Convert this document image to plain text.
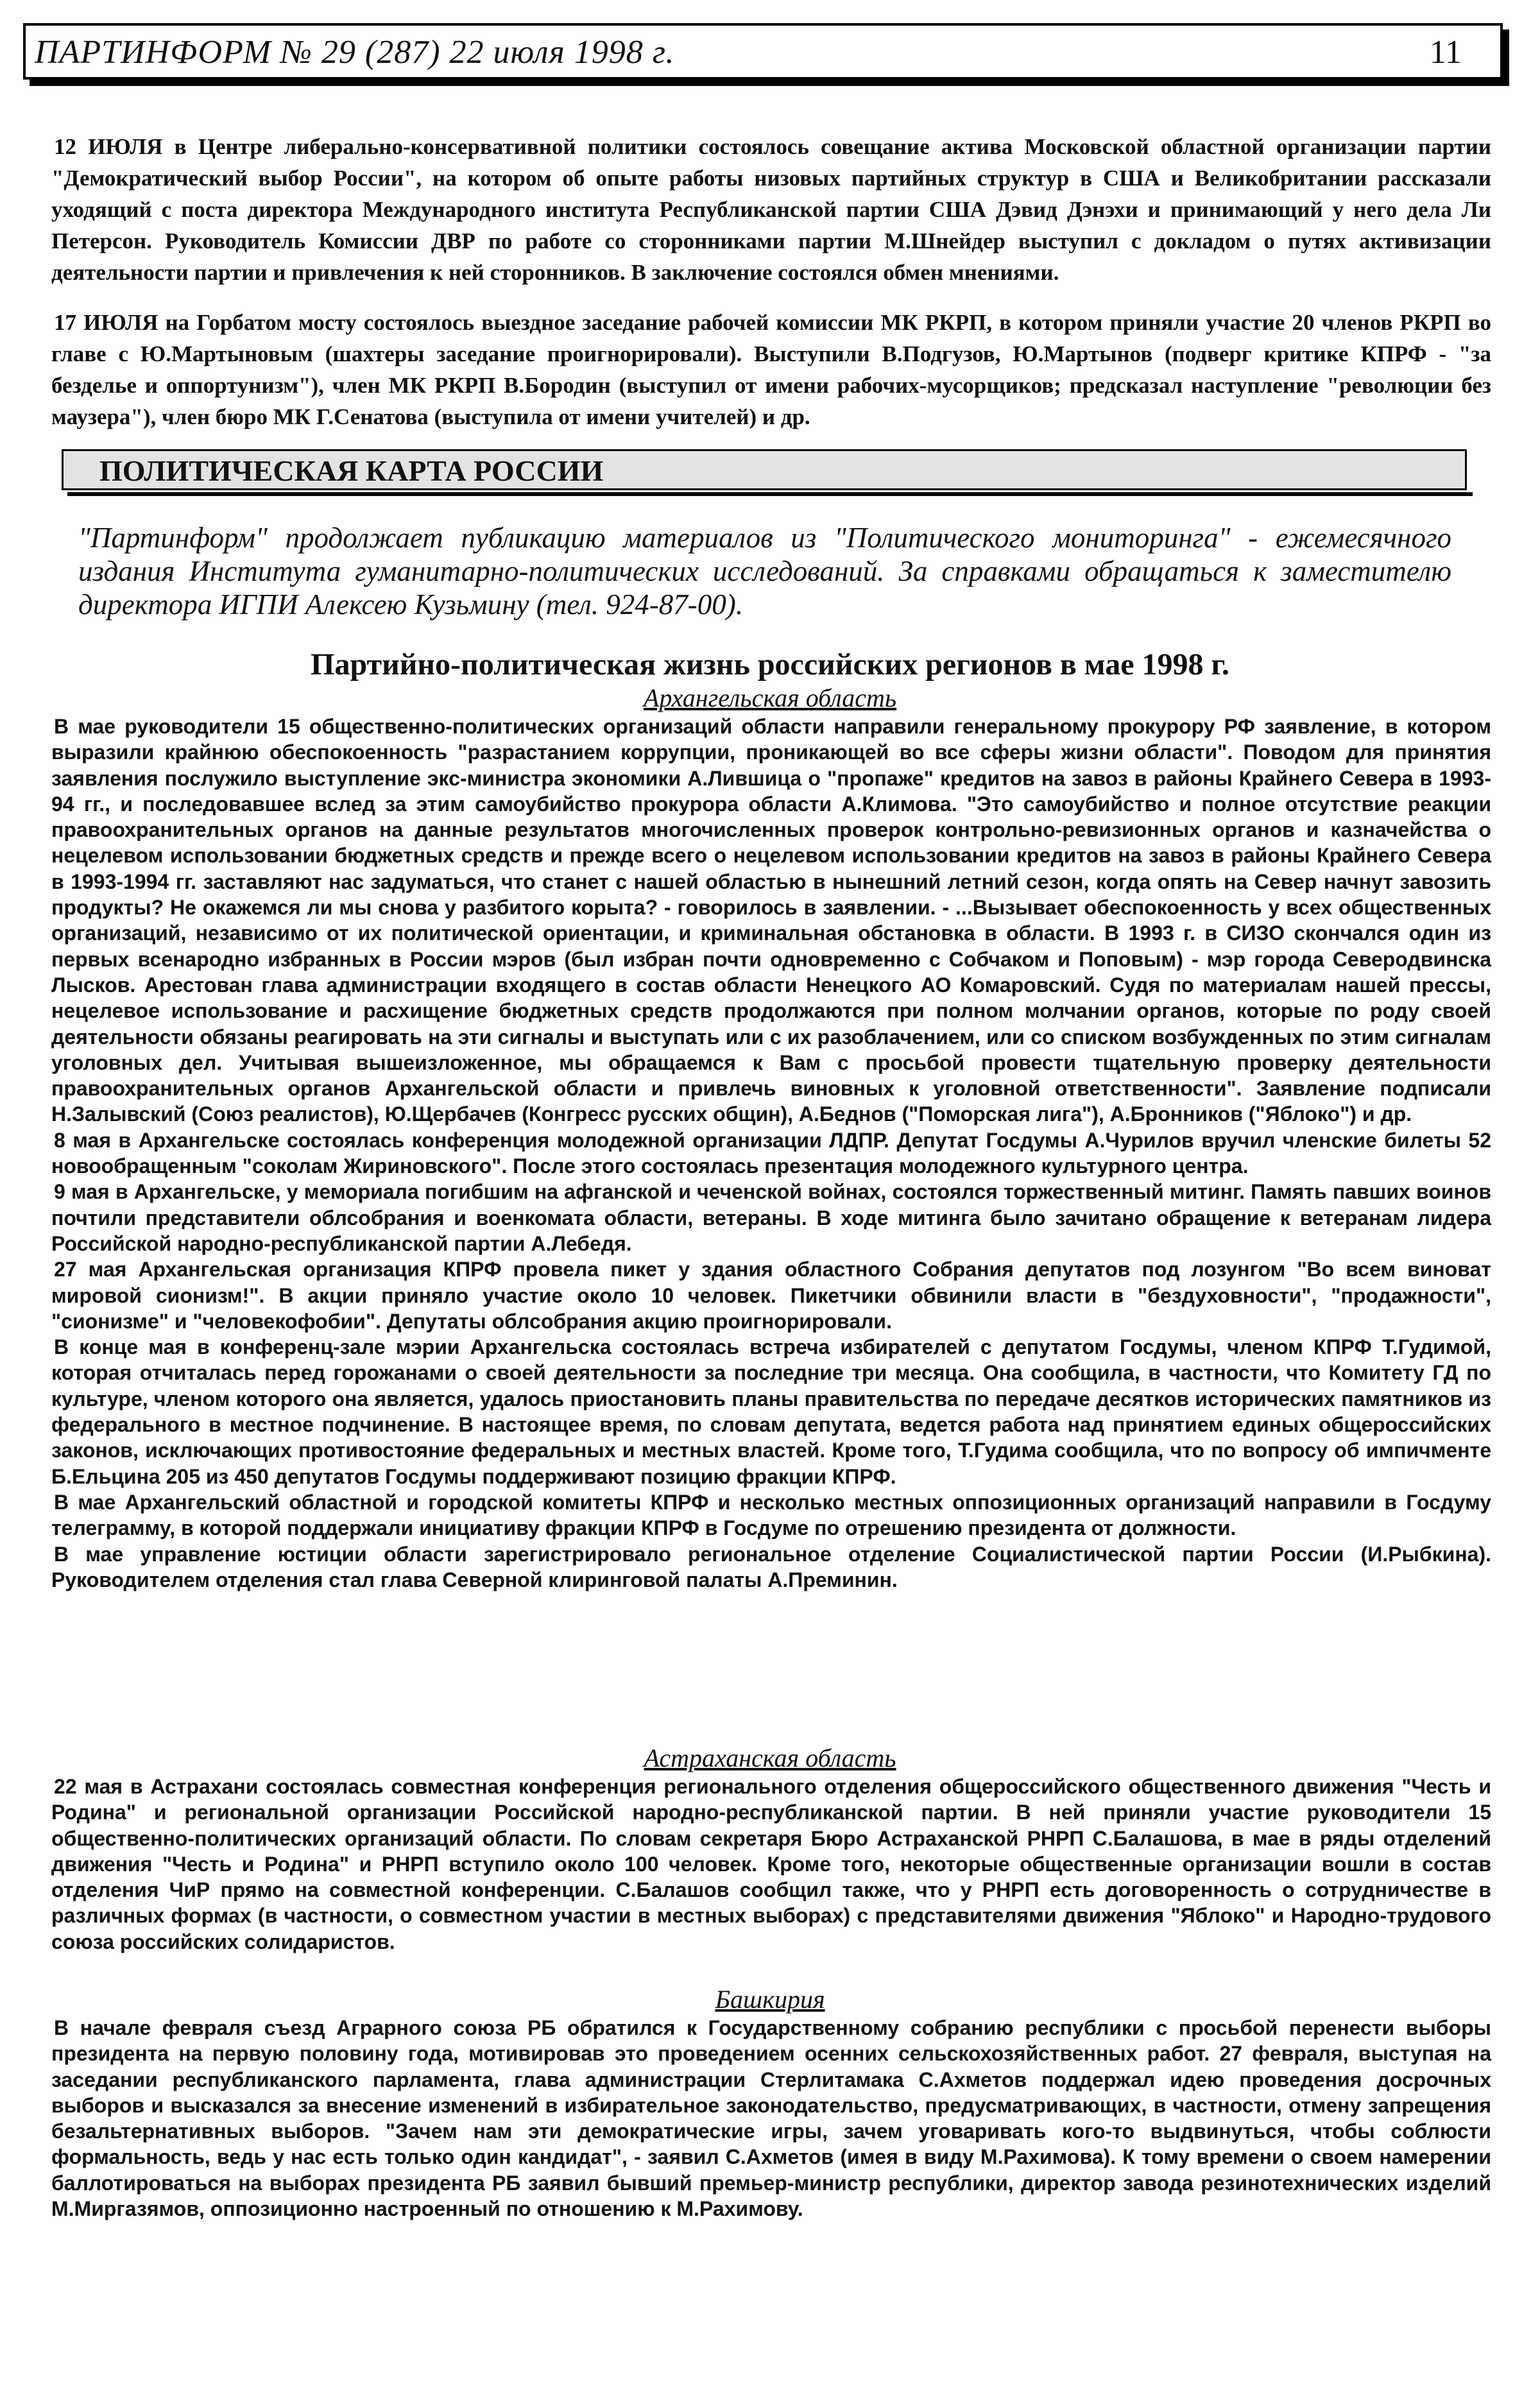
ПАРТИНФОРМ № 29 (287) 22 июля 1998 г.	11
12 ИЮЛЯ в Центре либерально-консервативной политики состоялось совещание актива Московской областной организации партии "Демократический выбор России", на котором об опыте работы низовых партийных структур в США и Великобритании рассказали уходящий с поста директора Международного института Республиканской партии США Дэвид Дэнэхи и принимающий у него дела Ли Петерсон. Руководитель Комиссии ДВР по работе со сторонниками партии М.Шнейдер выступил с докладом о путях активизации деятельности партии и привлечения к ней сторонников. В заключение состоялся обмен мнениями.
17 ИЮЛЯ на Горбатом мосту состоялось выездное заседание рабочей комиссии МК РКРП, в котором приняли участие 20 членов РКРП во главе с Ю.Мартыновым (шахтеры заседание проигнорировали). Выступили В.Подгузов, Ю.Мартынов (подверг критике КПРФ - "за безделье и оппортунизм"), член МК РКРП В.Бородин (выступил от имени рабочих-мусорщиков; предсказал наступление "революции без маузера"), член бюро МК Г.Сенатова (выступила от имени учителей) и др.
ПОЛИТИЧЕСКАЯ КАРТА РОССИИ
"Партинформ" продолжает публикацию материалов из "Политического мониторинга" - ежемесячного издания Института гуманитарно-политических исследований. За справками обращаться к заместителю директора ИГПИ Алексею Кузьмину (тел. 924-87-00).
Партийно-политическая жизнь российских регионов в мае 1998 г.
Архангельская область

В мае руководители 15 общественно-политических организаций области направили генеральному прокурору РФ заявление, в котором выразили крайнюю обеспокоенность "разрастанием коррупции, проникающей во все сферы жизни области". Поводом для принятия заявления послужило выступление экс-министра экономики А.Лившица о "пропаже" кредитов на завоз в районы Крайнего Севера в 1993-94 гг., и последовавшее вслед за этим самоубийство прокурора области А.Климова. "Это самоубийство и полное отсутствие реакции правоохранительных органов на данные результатов многочисленных проверок контрольно-ревизионных органов и казначейства о нецелевом использовании бюджетных средств и прежде всего о нецелевом использовании кредитов на завоз в районы Крайнего Севера в 1993-1994 гг. заставляют нас задуматься, что станет с нашей областью в нынешний летний сезон, когда опять на Север начнут завозить продукты? Не окажемся ли мы снова у разбитого корыта? - говорилось в заявлении. - ...Вызывает обеспокоенность у всех общественных организаций, независимо от их политической ориентации, и криминальная обстановка в области. В 1993 г. в СИЗО скончался один из первых всенародно избранных в России мэров (был избран почти одновременно с Собчаком и Поповым) - мэр города Северодвинска Лысков. Арестован глава администрации входящего в состав области Ненецкого АО Комаровский. Судя по материалам нашей прессы, нецелевое использование и расхищение бюджетных средств продолжаются при полном молчании органов, которые по роду своей деятельности обязаны реагировать на эти сигналы и выступать или с их разоблачением, или со списком возбужденных по этим сигналам уголовных дел. Учитывая вышеизложенное, мы обращаемся к Вам с просьбой провести тщательную проверку деятельности правоохранительных органов Архангельской области и привлечь виновных к уголовной ответственности". Заявление подписали Н.Залывский (Союз реалистов), Ю.Щербачев (Конгресс русских общин), А.Беднов ("Поморская лига"), А.Бронников ("Яблоко") и др.

8 мая в Архангельске состоялась конференция молодежной организации ЛДПР. Депутат Госдумы А.Чурилов вручил членские билеты 52 новообращенным "соколам Жириновского". После этого состоялась презентация молодежного культурного центра.

9 мая в Архангельске, у мемориала погибшим на афганской и чеченской войнах, состоялся торжественный митинг. Память павших воинов почтили представители облсобрания и военкомата области, ветераны. В ходе митинга было зачитано обращение к ветеранам лидера Российской народно-республиканской партии А.Лебедя.

27 мая Архангельская организация КПРФ провела пикет у здания областного Собрания депутатов под лозунгом "Во всем виноват мировой сионизм!". В акции приняло участие около 10 человек. Пикетчики обвинили власти в "бездуховности", "продажности", "сионизме" и "человекофобии". Депутаты облсобрания акцию проигнорировали.

В конце мая в конференц-зале мэрии Архангельска состоялась встреча избирателей с депутатом Госдумы, членом КПРФ Т.Гудимой, которая отчиталась перед горожанами о своей деятельности за последние три месяца. Она сообщила, в частности, что Комитету ГД по культуре, членом которого она является, удалось приостановить планы правительства по передаче десятков исторических памятников из федерального в местное подчинение. В настоящее время, по словам депутата, ведется работа над принятием единых общероссийских законов, исключающих противостояние федеральных и местных властей. Кроме того, Т.Гудима сообщила, что по вопросу об импичменте Б.Ельцина 205 из 450 депутатов Госдумы поддерживают позицию фракции КПРФ.

В мае Архангельский областной и городской комитеты КПРФ и несколько местных оппозиционных организаций направили в Госдуму телеграмму, в которой поддержали инициативу фракции КПРФ в Госдуме по отрешению президента от должности.

В мае управление юстиции области зарегистрировало региональное отделение Социалистической партии России (И.Рыбкина). Руководителем отделения стал глава Северной клиринговой палаты А.Преминин.

Астраханская область

22 мая в Астрахани состоялась совместная конференция регионального отделения общероссийского общественного движения "Честь и Родина" и региональной организации Российской народно-республиканской партии. В ней приняли участие руководители 15 общественно-политических организаций области. По словам секретаря Бюро Астраханской РНРП С.Балашова, в мае в ряды отделений движения "Честь и Родина" и РНРП вступило около 100 человек. Кроме того, некоторые общественные организации вошли в состав отделения ЧиР прямо на совместной конференции. С.Балашов сообщил также, что у РНРП есть договоренность о сотрудничестве в различных формах (в частности, о совместном участии в местных выборах) с представителями движения "Яблоко" и Народно-трудового союза российских солидаристов.

Башкирия

В начале февраля съезд Аграрного союза РБ обратился к Государственному собранию республики с просьбой перенести выборы президента на первую половину года, мотивировав это проведением осенних сельскохозяйственных работ. 27 февраля, выступая на заседании республиканского парламента, глава администрации Стерлитамака С.Ахметов поддержал идею проведения досрочных выборов и высказался за внесение изменений в избирательное законодательство, предусматривающих, в частности, отмену запрещения безальтернативных выборов. "Зачем нам эти демократические игры, зачем уговаривать кого-то выдвинуться, чтобы соблюсти формальность, ведь у нас есть только один кандидат", - заявил С.Ахметов (имея в виду М.Рахимова). К тому времени о своем намерении баллотироваться на выборах президента РБ заявил бывший премьер-министр республики, директор завода резинотехнических изделий М.Миргазямов, оппозиционно настроенный по отношению к М.Рахимову.
